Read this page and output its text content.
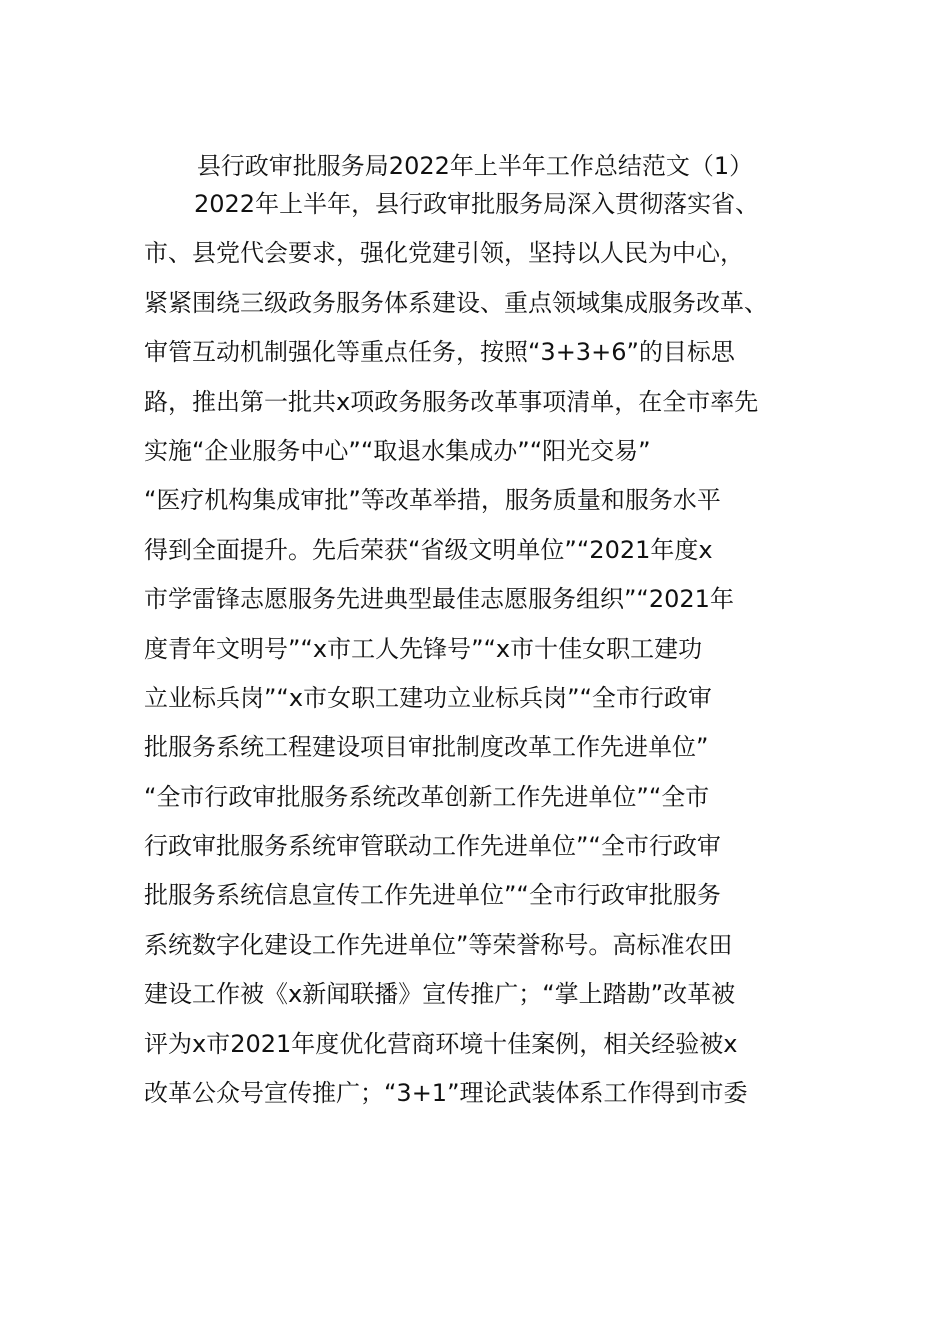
县行政审批服务局2022年上半年工作总结范文（1）
2022年上半年，县行政审批服务局深入贯彻落实省、
市、县党代会要求，强化党建引领，坚持以人民为中心，
紧紧围绕三级政务服务体系建设、重点领域集成服务改革、
审管互动机制强化等重点任务，按照“3+3+6”的目标思
路，推出第一批共x项政务服务改革事项清单，在全市率先
实施“企业服务中心”“取退水集成办”“阳光交易”
“医疗机构集成审批”等改革举措，服务质量和服务水平
得到全面提升。先后荣获“省级文明单位”“2021年度x
市学雷锋志愿服务先进典型最佳志愿服务组织”“2021年
度青年文明号”“x市工人先锋号”“x市十佳女职工建功
立业标兵岗”“x市女职工建功立业标兵岗”“全市行政审
批服务系统工程建设项目审批制度改革工作先进单位”
“全市行政审批服务系统改革创新工作先进单位”“全市
行政审批服务系统审管联动工作先进单位”“全市行政审
批服务系统信息宣传工作先进单位”“全市行政审批服务
系统数字化建设工作先进单位”等荣誉称号。高标准农田
建设工作被《x新闻联播》宣传推广；“掌上踏勘”改革被
评为x市2021年度优化营商环境十佳案例，相关经验被x
改革公众号宣传推广；“3+1”理论武装体系工作得到市委
